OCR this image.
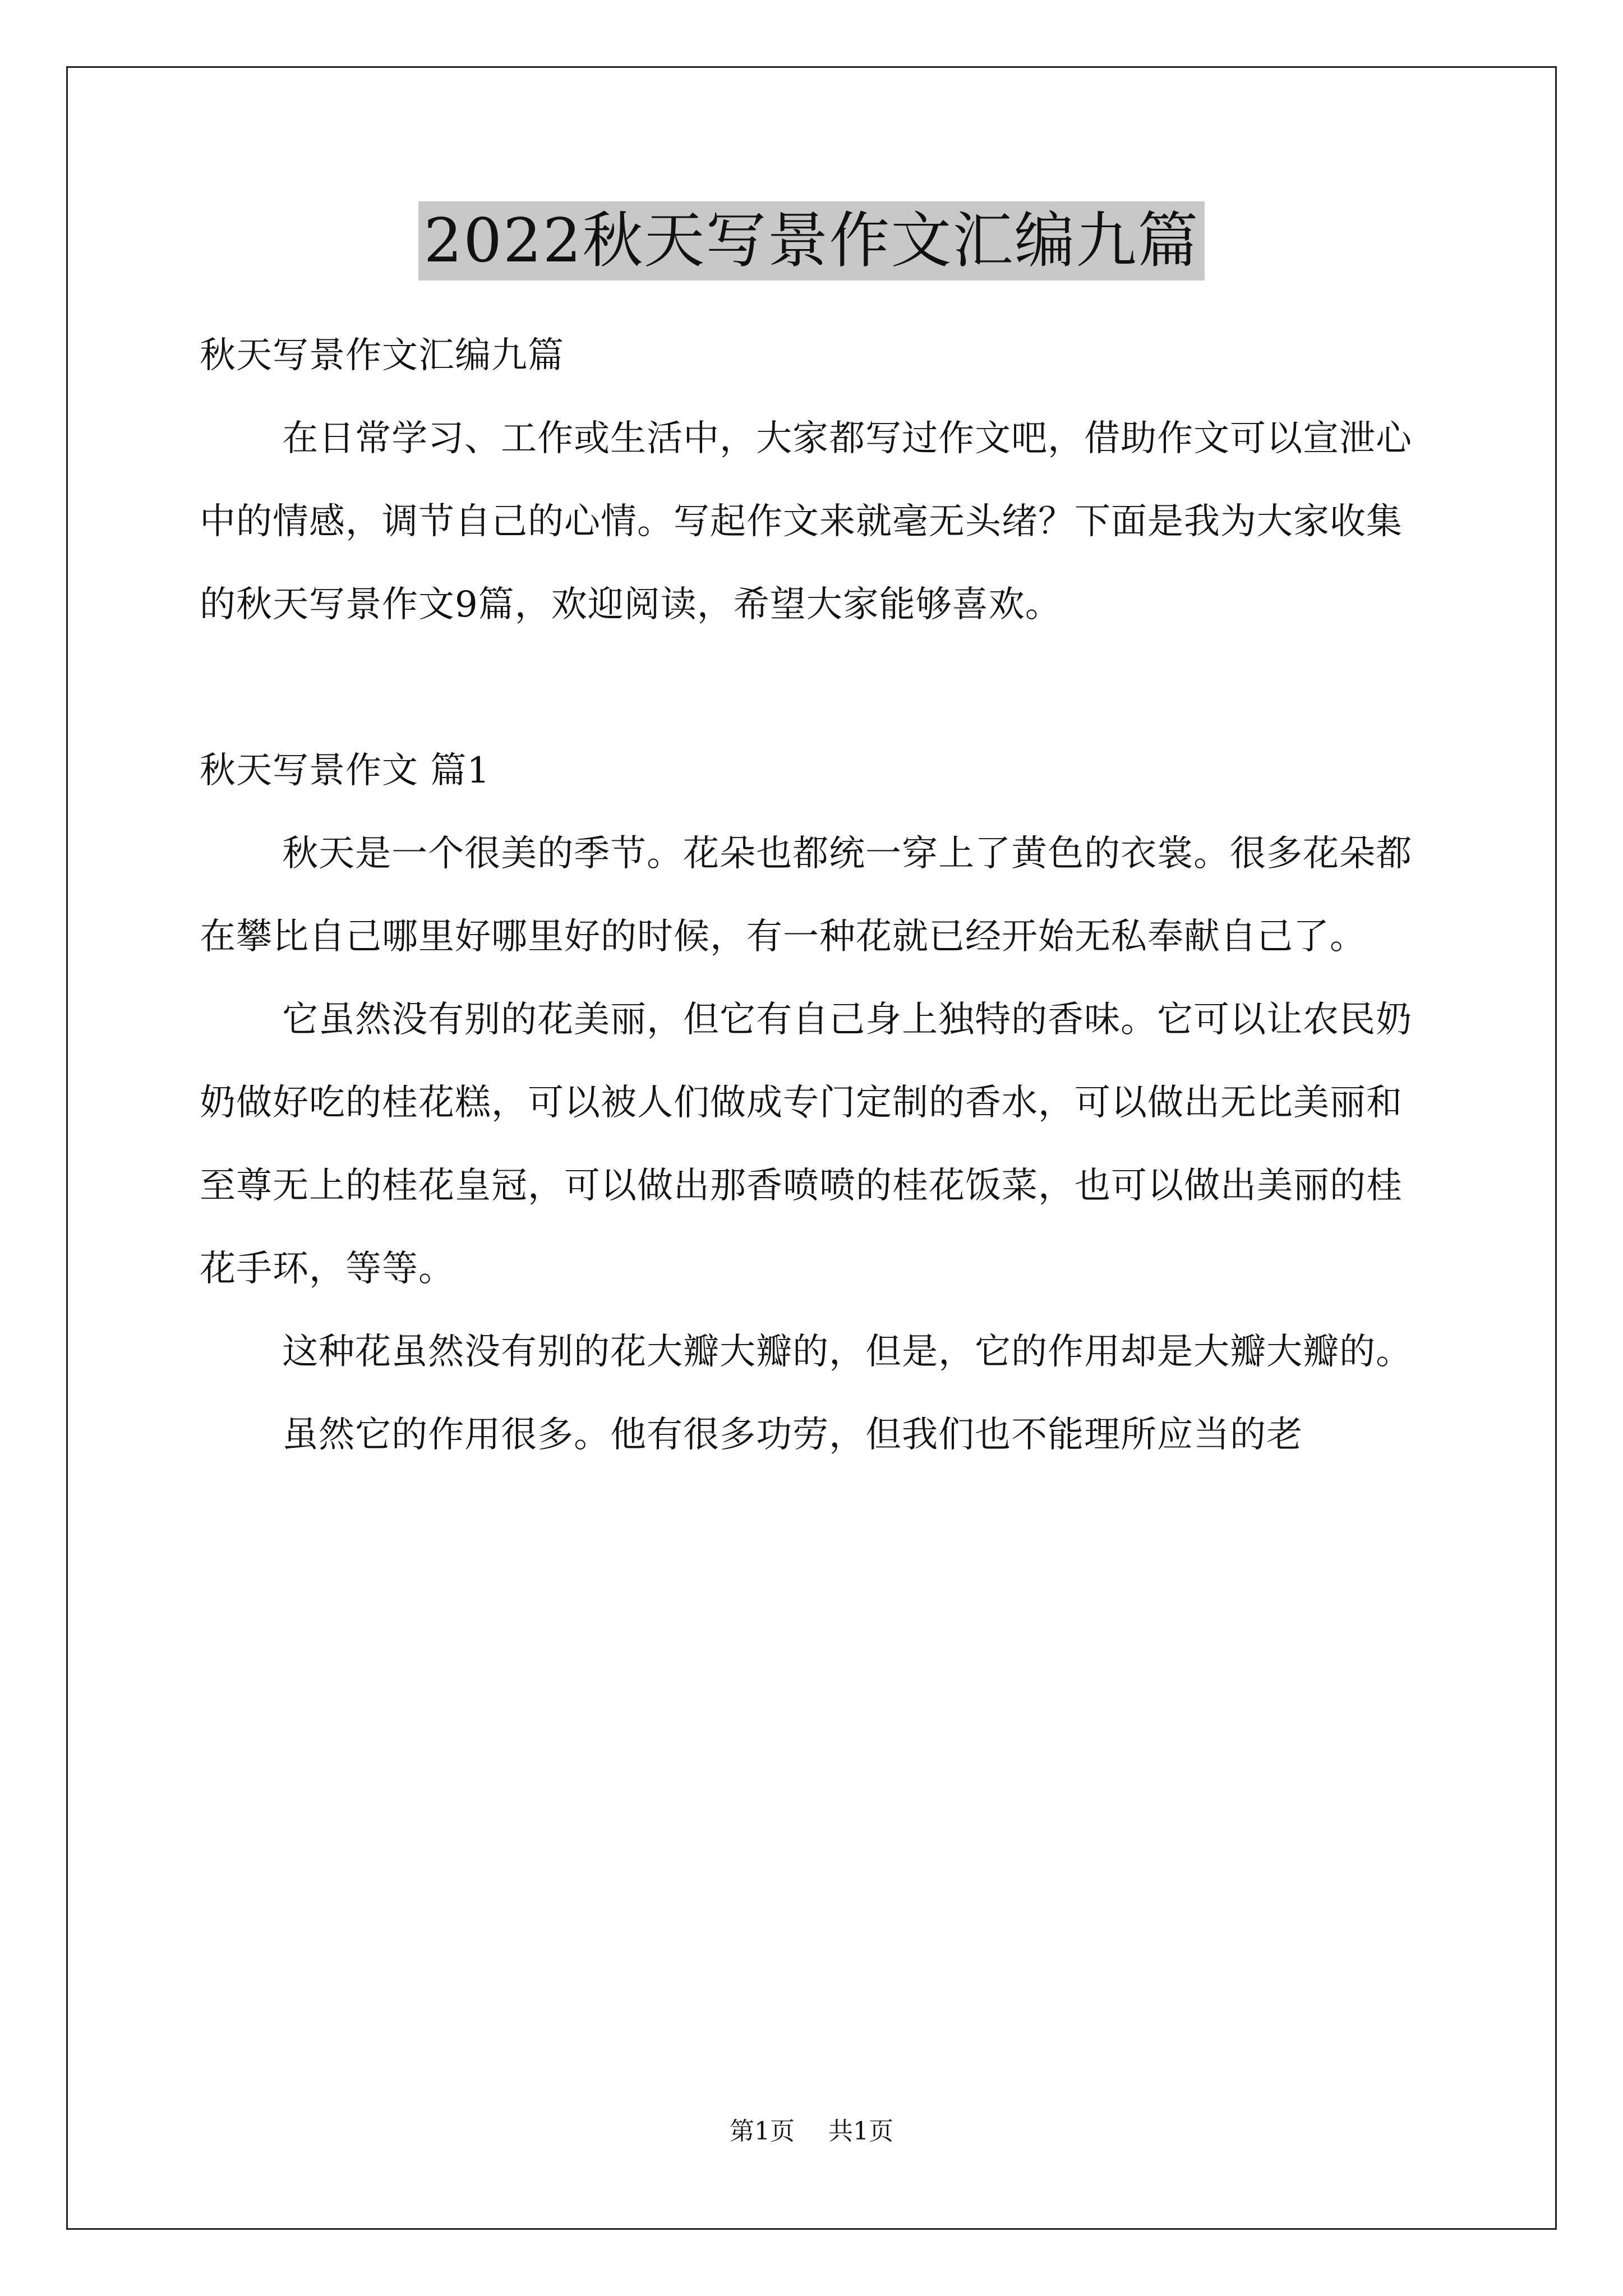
2022秋天写景作文汇编九篇

秋天写景作文汇编九篇

在日常学习、工作或生活中，大家都写过作文吧，借助作文可以宣泄心中的情感，调节自己的心情。写起作文来就毫无头绪？下面是我为大家收集的秋天写景作文9篇，欢迎阅读，希望大家能够喜欢。

秋天写景作文 篇1

秋天是一个很美的季节。花朵也都统一穿上了黄色的衣裳。很多花朵都在攀比自己哪里好哪里好的时候，有一种花就已经开始无私奉献自己了。

它虽然没有别的花美丽，但它有自己身上独特的香味。它可以让农民奶奶做好吃的桂花糕，可以被人们做成专门定制的香水，可以做出无比美丽和至尊无上的桂花皇冠，可以做出那香喷喷的桂花饭菜，也可以做出美丽的桂花手环，等等。

这种花虽然没有别的花大瓣大瓣的，但是，它的作用却是大瓣大瓣的。

虽然它的作用很多。他有很多功劳，但我们也不能理所应当的老

第1页 共1页
